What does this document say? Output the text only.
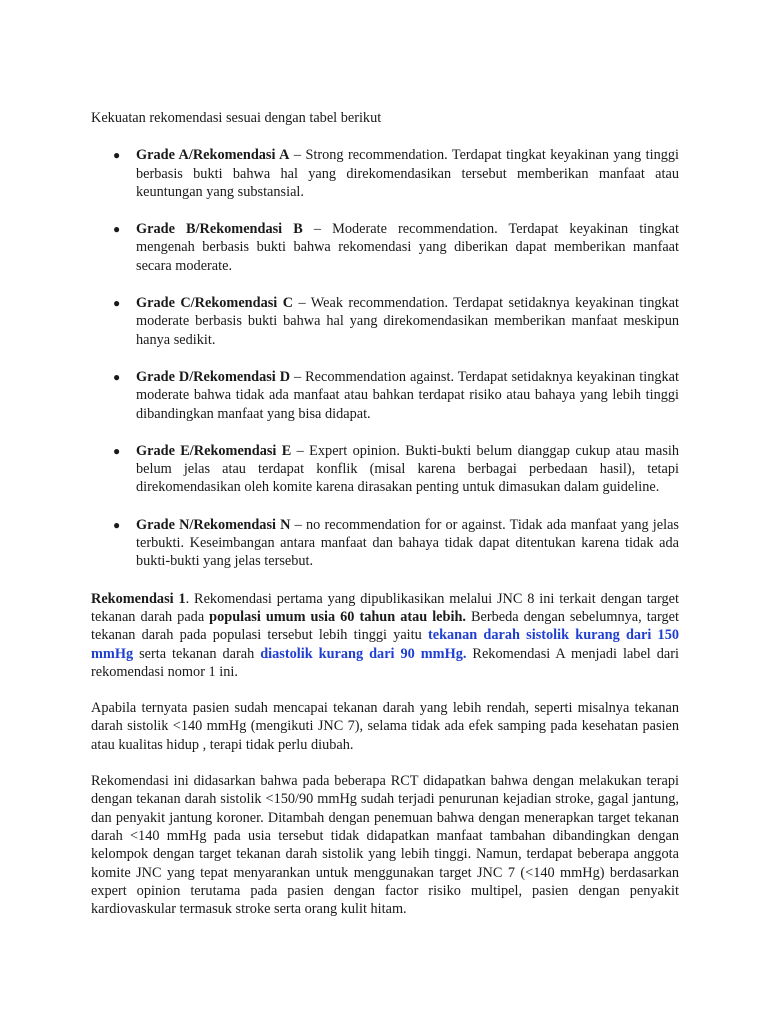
Kekuatan rekomendasi sesuai dengan tabel berikut

● Grade A/Rekomendasi A – Strong recommendation. Terdapat tingkat keyakinan yang tinggi berbasis bukti bahwa hal yang direkomendasikan tersebut memberikan manfaat atau keuntungan yang substansial.
● Grade B/Rekomendasi B – Moderate recommendation. Terdapat keyakinan tingkat mengenah berbasis bukti bahwa rekomendasi yang diberikan dapat memberikan manfaat secara moderate.
● Grade C/Rekomendasi C – Weak recommendation. Terdapat setidaknya keyakinan tingkat moderate berbasis bukti bahwa hal yang direkomendasikan memberikan manfaat meskipun hanya sedikit.
● Grade D/Rekomendasi D – Recommendation against. Terdapat setidaknya keyakinan tingkat moderate bahwa tidak ada manfaat atau bahkan terdapat risiko atau bahaya yang lebih tinggi dibandingkan manfaat yang bisa didapat.
● Grade E/Rekomendasi E – Expert opinion. Bukti-bukti belum dianggap cukup atau masih belum jelas atau terdapat konflik (misal karena berbagai perbedaan hasil), tetapi direkomendasikan oleh komite karena dirasakan penting untuk dimasukan dalam guideline.
● Grade N/Rekomendasi N – no recommendation for or against. Tidak ada manfaat yang jelas terbukti. Keseimbangan antara manfaat dan bahaya tidak dapat ditentukan karena tidak ada bukti-bukti yang jelas tersebut.

Rekomendasi 1. Rekomendasi pertama yang dipublikasikan melalui JNC 8 ini terkait dengan target tekanan darah pada populasi umum usia 60 tahun atau lebih. Berbeda dengan sebelumnya, target tekanan darah pada populasi tersebut lebih tinggi yaitu tekanan darah sistolik kurang dari 150 mmHg serta tekanan darah diastolik kurang dari 90 mmHg. Rekomendasi A menjadi label dari rekomendasi nomor 1 ini.

Apabila ternyata pasien sudah mencapai tekanan darah yang lebih rendah, seperti misalnya tekanan darah sistolik <140 mmHg (mengikuti JNC 7), selama tidak ada efek samping pada kesehatan pasien atau kualitas hidup , terapi tidak perlu diubah.

Rekomendasi ini didasarkan bahwa pada beberapa RCT didapatkan bahwa dengan melakukan terapi dengan tekanan darah sistolik <150/90 mmHg sudah terjadi penurunan kejadian stroke, gagal jantung, dan penyakit jantung koroner. Ditambah dengan penemuan bahwa dengan menerapkan target tekanan darah <140 mmHg pada usia tersebut tidak didapatkan manfaat tambahan dibandingkan dengan kelompok dengan target tekanan darah sistolik yang lebih tinggi. Namun, terdapat beberapa anggota komite JNC yang tepat menyarankan untuk menggunakan target JNC 7 (<140 mmHg) berdasarkan expert opinion terutama pada pasien dengan factor risiko multipel, pasien dengan penyakit kardiovaskular termasuk stroke serta orang kulit hitam.
